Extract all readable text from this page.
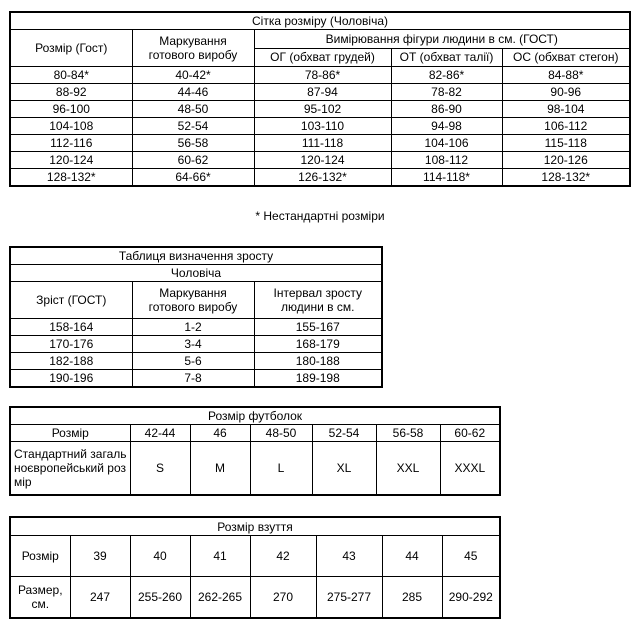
Сітка розміру (Чоловіча)				
Розмір (Гост)	Маркування готового виробу	Вимірювання фігури людини в см. (ГОСТ)		
		ОГ (обхват грудей)	ОТ (обхват талії)	ОС (обхват стегон)
80-84*	40-42*	78-86*	82-86*	84-88*
88-92	44-46	87-94	78-82	90-96
96-100	48-50	95-102	86-90	98-104
104-108	52-54	103-110	94-98	106-112
112-116	56-58	111-118	104-106	115-118
120-124	60-62	120-124	108-112	120-126
128-132*	64-66*	126-132*	114-118*	128-132*
* Нестандартні розміри
Таблиця визначення зросту		
Чоловіча		
Зріст (ГОСТ)	Маркування готового виробу	Інтервал зросту людини в см.
158-164	1-2	155-167
170-176	3-4	168-179
182-188	5-6	180-188
190-196	7-8	189-198
Розмір футболок						
Розмір	42-44	46	48-50	52-54	56-58	60-62
Стандартний загальноєвропейський розмір	S	M	L	XL	XXL	XXXL
Розмір взуття							
Розмір	39	40	41	42	43	44	45
Размер, см.	247	255-260	262-265	270	275-277	285	290-292
